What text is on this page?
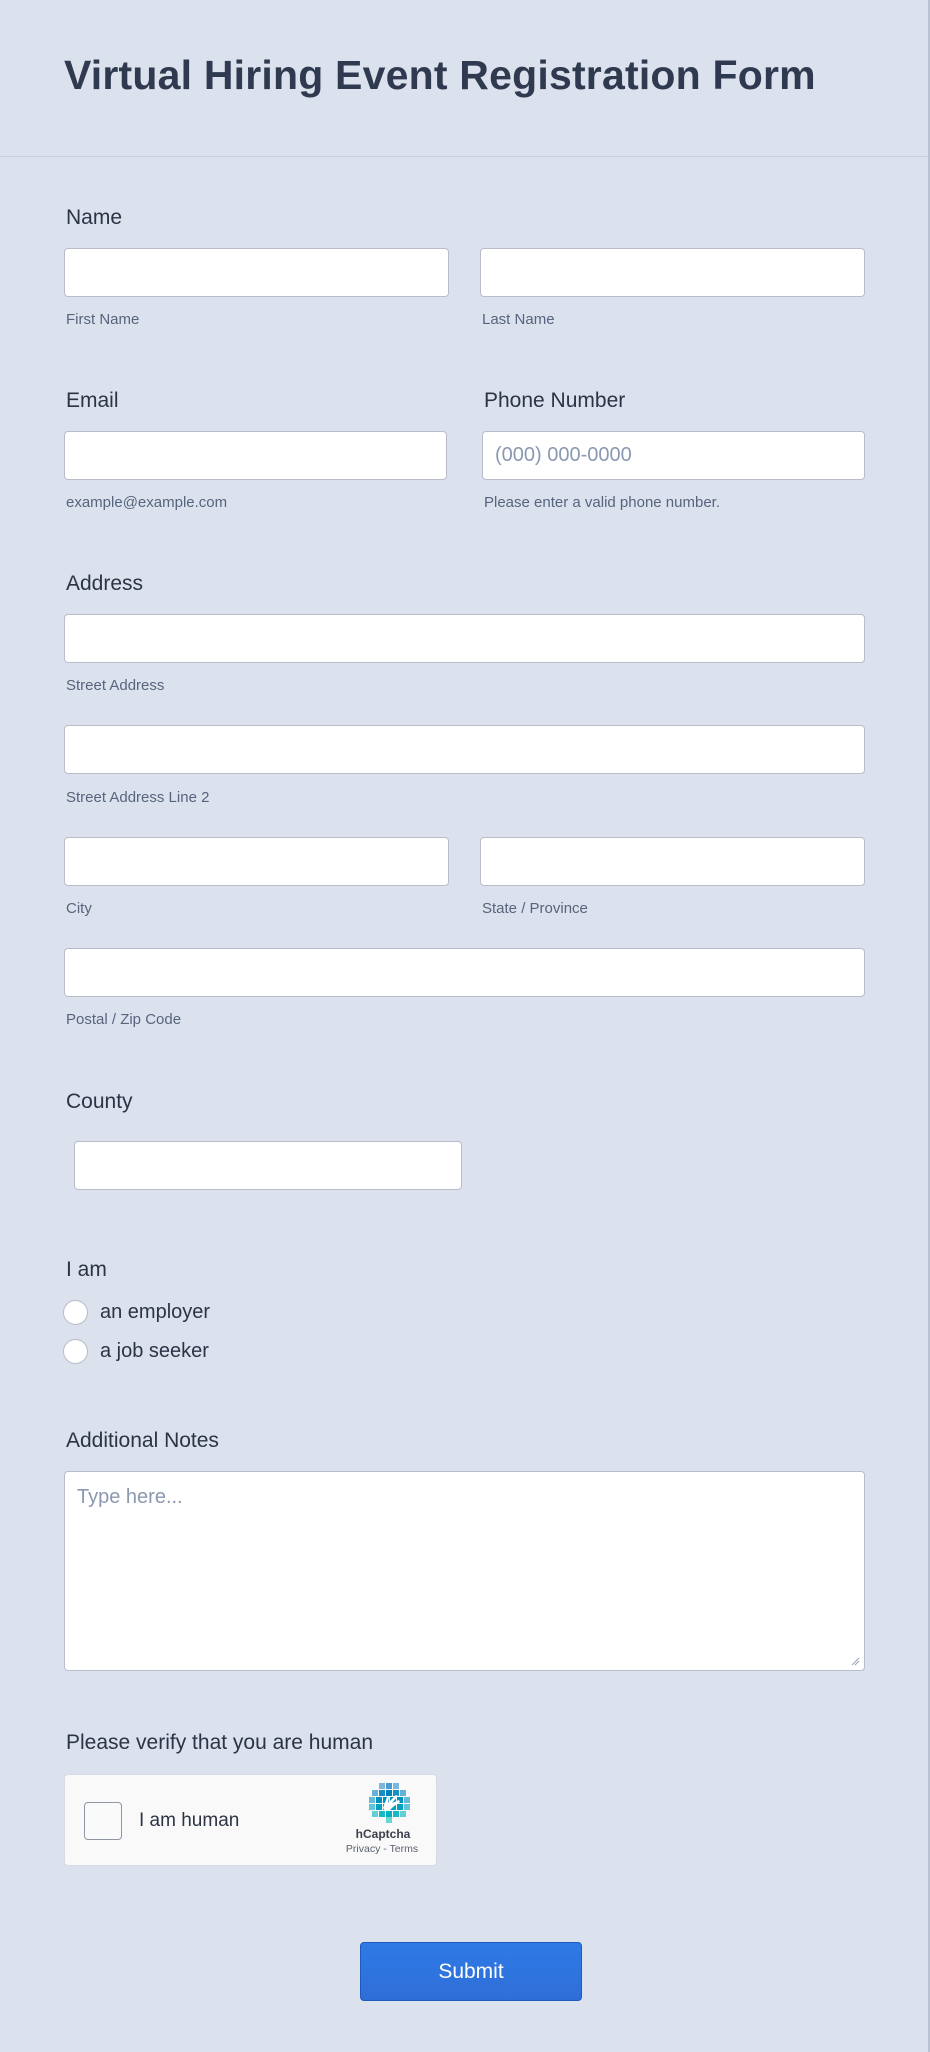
Virtual Hiring Event Registration Form
Name
First Name	Last Name
Email
example@example.com
Phone Number
(000) 000-0000
Please enter a valid phone number.
Address
Street Address
Street Address Line 2
City	State / Province
Postal / Zip Code
County
I am
an employer
a job seeker
Additional Notes
Type here...
Please verify that you are human
I am human
hCaptcha
Privacy - Terms
Submit
